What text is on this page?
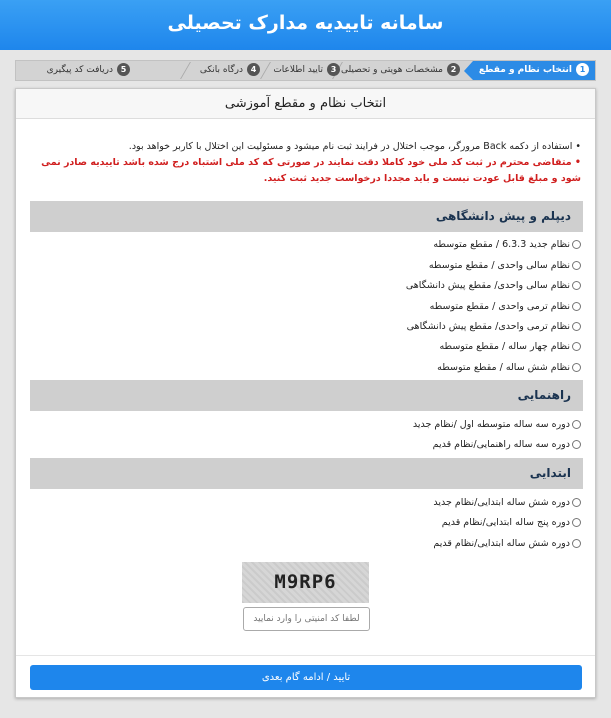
سامانه تاییدیه مدارک تحصیلی
1انتخاب نظام و مقطع
2مشخصات هویتی و تحصیلی
3تایید اطلاعات
4درگاه بانکی
5دریافت کد پیگیری
انتخاب نظام و مقطع آموزشی

• استفاده از دکمه Back مرورگر، موجب اختلال در فرایند ثبت نام میشود و مسئولیت این اختلال با کاربر خواهد بود.

• متقاضی محترم در ثبت کد ملی خود کاملا دقت نمایند در صورتی که کد ملی اشتباه درج شده باشد تاییدیه صادر نمی شود و مبلغ قابل عودت نیست و باید مجددا درخواست جدید ثبت کنید.

دیپلم و پیش دانشگاهی
نظام جدید 6.3.3 / مقطع متوسطه
نظام سالی واحدی / مقطع متوسطه
نظام سالی واحدی/ مقطع پیش دانشگاهی
نظام ترمی واحدی / مقطع متوسطه
نظام ترمی واحدی/ مقطع پیش دانشگاهی
نظام چهار ساله / مقطع متوسطه
نظام شش ساله / مقطع متوسطه
راهنمایی
دوره سه ساله متوسطه اول /نظام جدید
دوره سه ساله راهنمایی/نظام قدیم
ابتدایی
دوره شش ساله ابتدایی/نظام جدید
دوره پنج ساله ابتدایی/نظام قدیم
دوره شش ساله ابتدایی/نظام قدیم
M9RP6
لطفا کد امنیتی را وارد نمایید
تایید / ادامه گام بعدی
